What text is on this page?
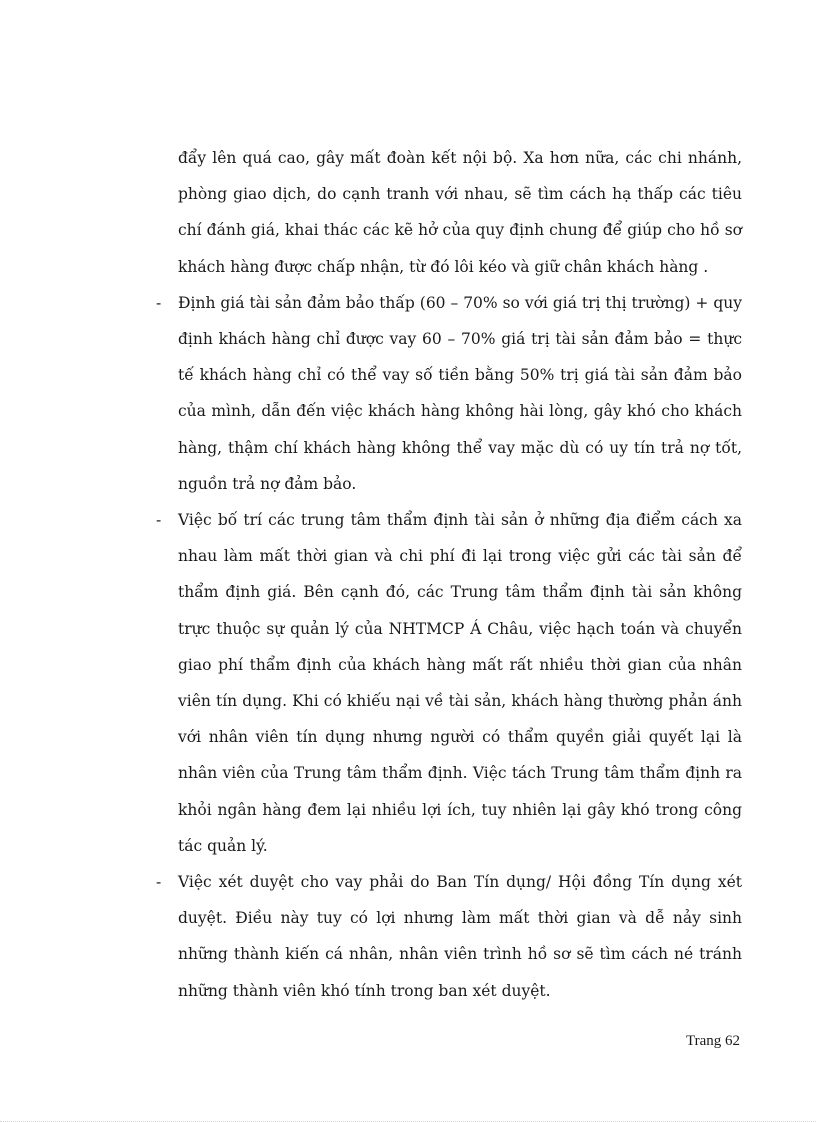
đẩy lên quá cao, gây mất đoàn kết nội bộ. Xa hơn nữa, các chi nhánh, phòng giao dịch, do cạnh tranh với nhau, sẽ tìm cách hạ thấp các tiêu chí đánh giá, khai thác các kẽ hở của quy định chung để giúp cho hồ sơ khách hàng được chấp nhận, từ đó lôi kéo và giữ chân khách hàng .

-	Định giá tài sản đảm bảo thấp (60 – 70% so với giá trị thị trường) + quy định khách hàng chỉ được vay 60 – 70% giá trị tài sản đảm bảo = thực tế khách hàng chỉ có thể vay số tiền bằng 50% trị giá tài sản đảm bảo của mình, dẫn đến việc khách hàng không hài lòng, gây khó cho khách hàng, thậm chí khách hàng không thể vay mặc dù có uy tín trả nợ tốt, nguồn trả nợ đảm bảo.
-	Việc bố trí các trung tâm thẩm định tài sản ở những địa điểm cách xa nhau làm mất thời gian và chi phí đi lại trong việc gửi các tài sản để thẩm định giá. Bên cạnh đó, các Trung tâm thẩm định tài sản không trực thuộc sự quản lý của NHTMCP Á Châu, việc hạch toán và chuyển giao phí thẩm định của khách hàng mất rất nhiều thời gian của nhân viên tín dụng. Khi có khiếu nại về tài sản, khách hàng thường phản ánh với nhân viên tín dụng nhưng người có thẩm quyền giải quyết lại là nhân viên của Trung tâm thẩm định. Việc tách Trung tâm thẩm định ra khỏi ngân hàng đem lại nhiều lợi ích, tuy nhiên lại gây khó trong công tác quản lý.
-	Việc xét duyệt cho vay phải do Ban Tín dụng/ Hội đồng Tín dụng xét duyệt. Điều này tuy có lợi nhưng làm mất thời gian và dễ nảy sinh những thành kiến cá nhân, nhân viên trình hồ sơ sẽ tìm cách né tránh những thành viên khó tính trong ban xét duyệt.
Trang 62
